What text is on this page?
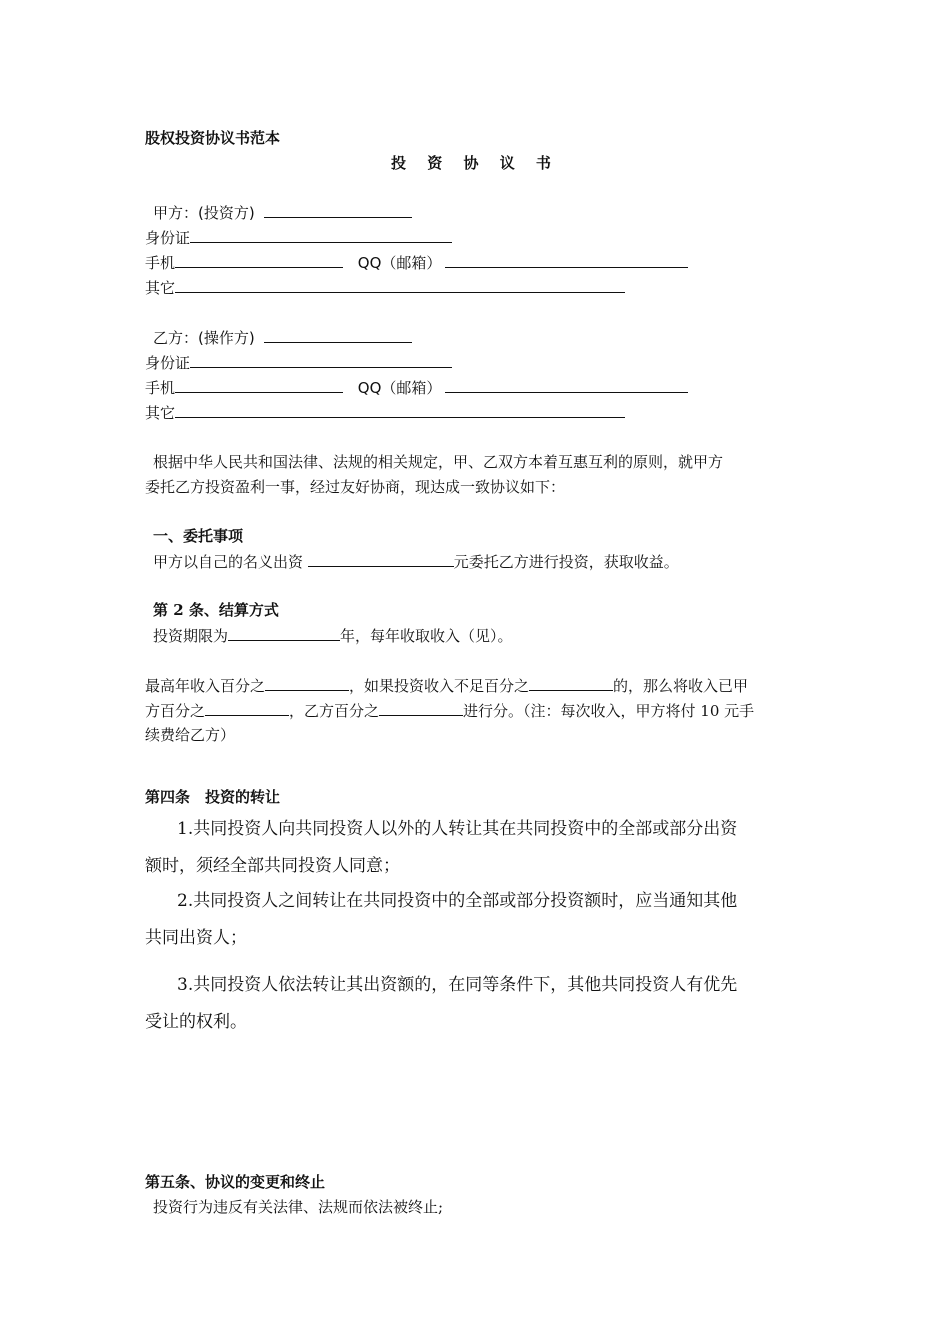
股权投资协议书范本
投 资 协 议 书
甲方：(投资方)
身份证
手机	QQ（邮箱）
其它
乙方：(操作方)
身份证
手机	QQ（邮箱）
其它
根据中华人民共和国法律、法规的相关规定，甲、乙双方本着互惠互利的原则，就甲方
委托乙方投资盈利一事，经过友好协商，现达成一致协议如下：
一、委托事项
甲方以自己的名义出资	元委托乙方进行投资，获取收益。
第 2 条、结算方式
投资期限为	年，每年收取收入（见）。
最高年收入百分之	，如果投资收入不足百分之	的，那么将收入已甲
方百分之	，乙方百分之	进行分。（注：每次收入，甲方将付 10 元手
续费给乙方）
第四条　投资的转让
1.共同投资人向共同投资人以外的人转让其在共同投资中的全部或部分出资
额时，须经全部共同投资人同意；
2.共同投资人之间转让在共同投资中的全部或部分投资额时，应当通知其他
共同出资人；
3.共同投资人依法转让其出资额的，在同等条件下，其他共同投资人有优先
受让的权利。
第五条、协议的变更和终止
投资行为违反有关法律、法规而依法被终止;
